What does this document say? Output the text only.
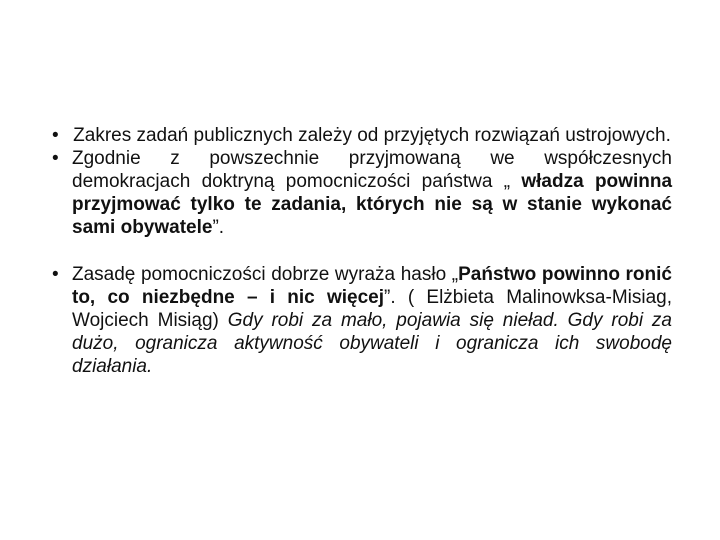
• Zakres zadań publicznych zależy od przyjętych rozwiązań ustrojowych.
• Zgodnie z powszechnie przyjmowaną we współczesnych demokracjach doktryną pomocniczości państwa „ władza powinna przyjmować tylko te zadania, których nie są w stanie wykonać sami obywatele”.
• Zasadę pomocniczości dobrze wyraża hasło „Państwo powinno ronić to, co niezbędne – i nic więcej”. ( Elżbieta Malinowksa-Misiag, Wojciech Misiąg) Gdy robi za mało, pojawia się nieład. Gdy robi za dużo, ogranicza aktywność obywateli i ogranicza ich swobodę działania.
